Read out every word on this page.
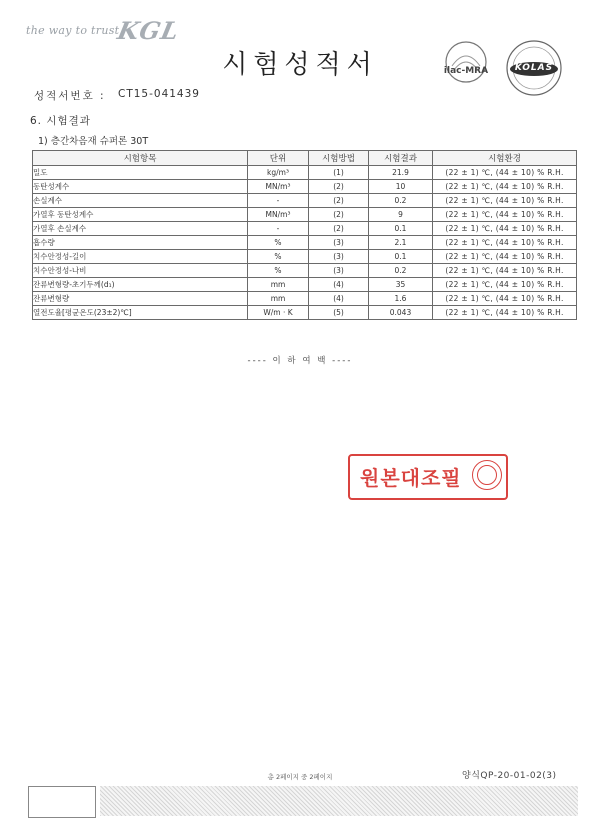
the way to trust
KGL
시험성적서	ilac-MRA	KOLAS
성적서번호 : CT15-041439
6. 시험결과
1) 층간차음재 슈퍼론 30T
시험항목	단위	시험방법	시험결과	시험환경
밀도	kg/m³	(1)	21.9	(22 ± 1) ℃, (44 ± 10) % R.H.
동탄성계수	MN/m³	(2)	10	(22 ± 1) ℃, (44 ± 10) % R.H.
손실계수	-	(2)	0.2	(22 ± 1) ℃, (44 ± 10) % R.H.
가열후 동탄성계수	MN/m³	(2)	9	(22 ± 1) ℃, (44 ± 10) % R.H.
가열후 손실계수	-	(2)	0.1	(22 ± 1) ℃, (44 ± 10) % R.H.
흡수량	%	(3)	2.1	(22 ± 1) ℃, (44 ± 10) % R.H.
치수안정성-길이	%	(3)	0.1	(22 ± 1) ℃, (44 ± 10) % R.H.
치수안정성-나비	%	(3)	0.2	(22 ± 1) ℃, (44 ± 10) % R.H.
잔류변형량-초기두께(d₁)	mm	(4)	35	(22 ± 1) ℃, (44 ± 10) % R.H.
잔류변형량	mm	(4)	1.6	(22 ± 1) ℃, (44 ± 10) % R.H.
열전도율[평균온도(23±2)℃]	W/m · K	(5)	0.043	(22 ± 1) ℃, (44 ± 10) % R.H.
---- 이 하 여 백 ----
원본대조필
총 2페이지 중 2페이지	양식QP-20-01-02(3)
